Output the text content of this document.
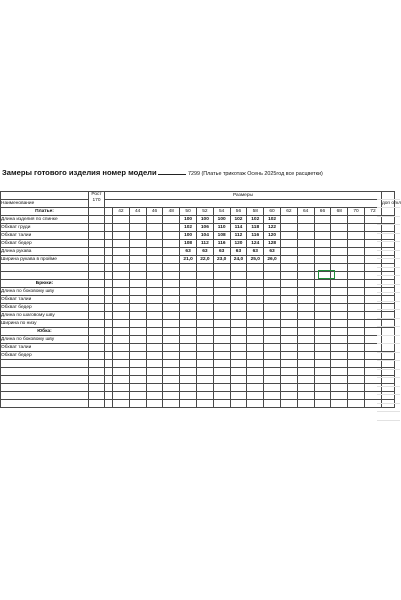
Замеры готового изделия номер модели	7299 (Платье трикотаж Осень 2025год все расцветки)

	Рост
170	Размеры																	
Наименование																			доп откл
Платье:			42	44	46	48	50	52	54	56	58	60	62	64	66	68	70	72	
Длина изделия по спинке							100	100	100	102	102	102							
Обхват груди							102	106	110	114	118	122							
Обхват талии							100	104	108	112	116	120							
Обхват бедер							108	112	116	120	124	128							
Длина рукава							63	63	63	63	63	63							
Ширина рукава в пройме							21,0	22,0	23,0	24,0	25,0	26,0							

Брюки:																			
Длина по боковому шву																			
Обхват талии																			
Обхват бедер																			
Длина по шаговому шву																			
Ширина по низу																			
Юбка:																			
Длина по боковому шву																			
Обхват талии																			
Обхват бедер																			
